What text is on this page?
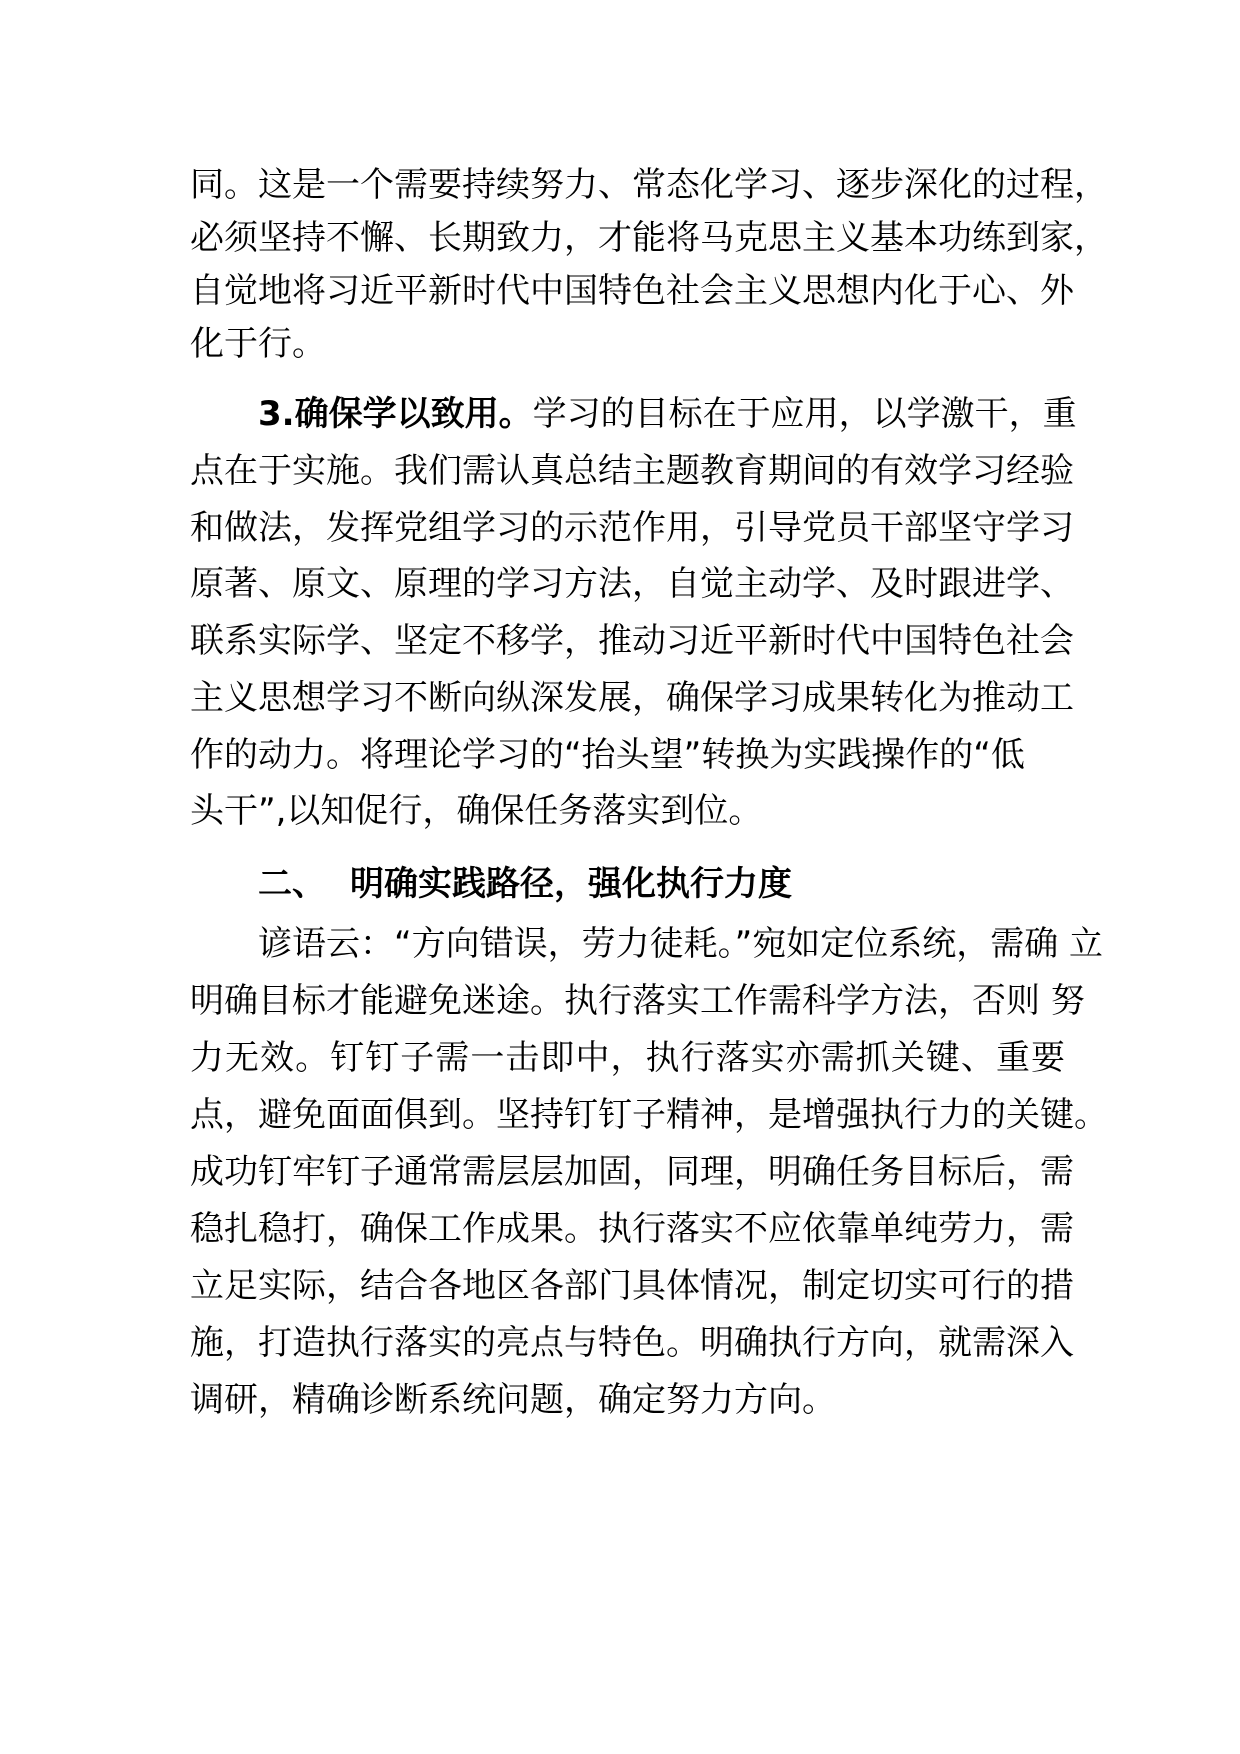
同。这是一个需要持续努力、常态化学习、逐步深化的过程，
必须坚持不懈、长期致力，才能将马克思主义基本功练到家，
自觉地将习近平新时代中国特色社会主义思想内化于心、外
化于行。
3.确保学以致用。学习的目标在于应用，以学激干，重
点在于实施。我们需认真总结主题教育期间的有效学习经验
和做法，发挥党组学习的示范作用，引导党员干部坚守学习
原著、原文、原理的学习方法，自觉主动学、及时跟进学、
联系实际学、坚定不移学，推动习近平新时代中国特色社会
主义思想学习不断向纵深发展，确保学习成果转化为推动工
作的动力。将理论学习的“抬头望”转换为实践操作的“低
头干”,以知促行，确保任务落实到位。
二、 明确实践路径，强化执行力度
谚语云：“方向错误，劳力徒耗。”宛如定位系统，需确 立
明确目标才能避免迷途。执行落实工作需科学方法，否则 努
力无效。钉钉子需一击即中，执行落实亦需抓关键、重要
点，避免面面俱到。坚持钉钉子精神，是增强执行力的关键。
成功钉牢钉子通常需层层加固，同理，明确任务目标后，需
稳扎稳打，确保工作成果。执行落实不应依靠单纯劳力，需
立足实际，结合各地区各部门具体情况，制定切实可行的措
施，打造执行落实的亮点与特色。明确执行方向，就需深入
调研，精确诊断系统问题，确定努力方向。
